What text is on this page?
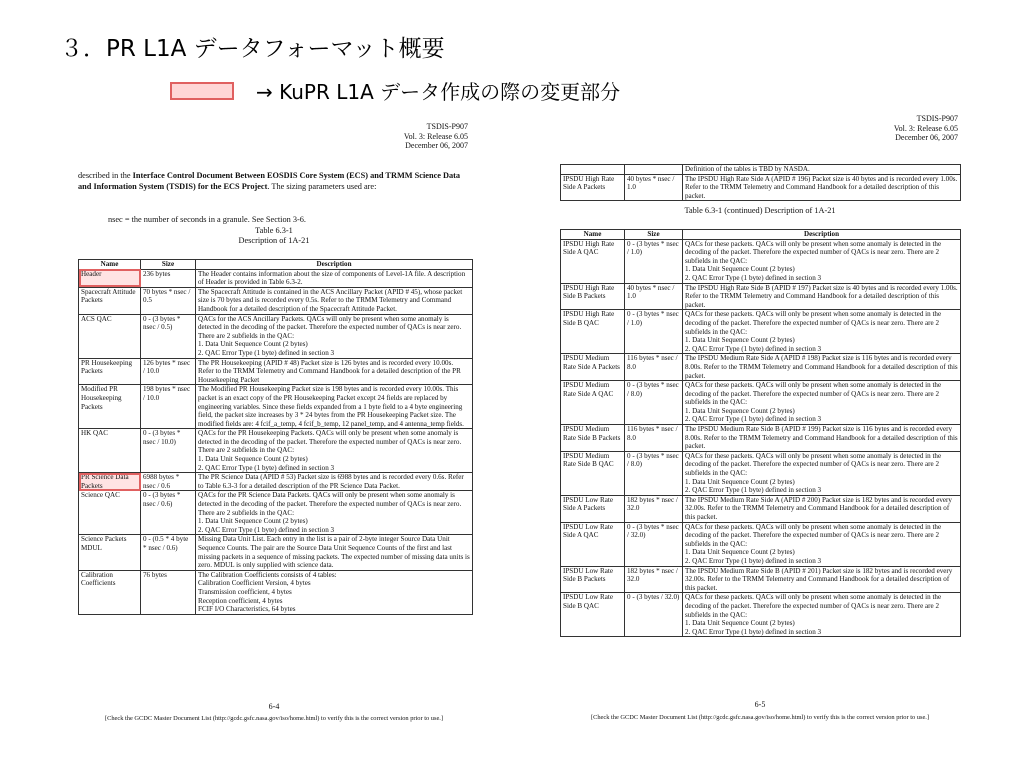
３．PR L1A データフォーマット概要
→ KuPR L1A データ作成の際の変更部分
TSDIS-P907
Vol. 3: Release 6.05
December 06, 2007
described in the Interface Control Document Between EOSDIS Core System (ECS) and TRMM Science Data and Information System (TSDIS) for the ECS Project. The sizing parameters used are:
nsec = the number of seconds in a granule. See Section 3-6.
Table 6.3-1
Description of 1A-21
Name	Size	Description
Header	236 bytes	The Header contains information about the size of components of Level-1A file. A description of Header is provided in Table 6.3-2.
Spacecraft Attitude Packets	70 bytes * nsec / 0.5	The Spacecraft Attitude is contained in the ACS Ancillary Packet (APID # 45), whose packet size is 70 bytes and is recorded every 0.5s. Refer to the TRMM Telemetry and Command Handbook for a detailed description of the Spacecraft Attitude Packet.
ACS QAC	0 - (3 bytes * nsec / 0.5)	QACs for the ACS Ancillary Packets. QACs will only be present when some anomaly is detected in the decoding of the packet. Therefore the expected number of QACs is near zero. There are 2 subfields in the QAC:
1. Data Unit Sequence Count (2 bytes)
2. QAC Error Type (1 byte) defined in section 3
PR Housekeeping Packets	126 bytes * nsec / 10.0	The PR Housekeeping (APID # 48) Packet size is 126 bytes and is recorded every 10.00s. Refer to the TRMM Telemetry and Command Handbook for a detailed description of the PR Housekeeping Packet
Modified PR Housekeeping Packets	198 bytes * nsec / 10.0	The Modified PR Housekeeping Packet size is 198 bytes and is recorded every 10.00s. This packet is an exact copy of the PR Housekeeping Packet except 24 fields are replaced by engineering variables. Since these fields expanded from a 1 byte field to a 4 byte engineering field, the packet size increases by 3 * 24 bytes from the PR Housekeeping Packet size. The modified fields are: 4 fcif_a_temp, 4 fcif_b_temp, 12 panel_temp, and 4 antenna_temp fields.
HK QAC	0 - (3 bytes * nsec / 10.0)	QACs for the PR Housekeeping Packets. QACs will only be present when some anomaly is detected in the decoding of the packet. Therefore the expected number of QACs is near zero. There are 2 subfields in the QAC:
1. Data Unit Sequence Count (2 bytes)
2. QAC Error Type (1 byte) defined in section 3
PR Science Data Packets	6988 bytes * nsec / 0.6	The PR Science Data (APID # 53) Packet size is 6988 bytes and is recorded every 0.6s. Refer to Table 6.3-3 for a detailed description of the PR Science Data Packet.
Science QAC	0 - (3 bytes * nsec / 0.6)	QACs for the PR Science Data Packets. QACs will only be present when some anomaly is detected in the decoding of the packet. Therefore the expected number of QACs is near zero. There are 2 subfields in the QAC:
1. Data Unit Sequence Count (2 bytes)
2. QAC Error Type (1 byte) defined in section 3
Science Packets MDUL	0 - (0.5 * 4 byte * nsec / 0.6)	Missing Data Unit List. Each entry in the list is a pair of 2-byte integer Source Data Unit Sequence Counts. The pair are the Source Data Unit Sequence Counts of the first and last missing packets in a sequence of missing packets. The expected number of missing data units is zero. MDUL is only supplied with science data.
Calibration Coefficients	76 bytes	The Calibration Coefficients consists of 4 tables:
Calibration Coefficient Version, 4 bytes
Transmission coefficient, 4 bytes
Reception coefficient, 4 bytes
FCIF I/O Characteristics, 64 bytes
6-4
[Check the GCDC Master Document List (http://gcdc.gsfc.nasa.gov/iso/home.html) to verify this is the correct version prior to use.]
TSDIS-P907
Vol. 3: Release 6.05
December 06, 2007
		Definition of the tables is TBD by NASDA.
IPSDU High Rate Side A Packets	40 bytes * nsec / 1.0	The IPSDU High Rate Side A (APID # 196) Packet size is 40 bytes and is recorded every 1.00s. Refer to the TRMM Telemetry and Command Handbook for a detailed description of this packet.
Table 6.3-1 (continued) Description of 1A-21
Name	Size	Description
IPSDU High Rate Side A QAC	0 - (3 bytes * nsec / 1.0)	QACs for these packets. QACs will only be present when some anomaly is detected in the decoding of the packet. Therefore the expected number of QACs is near zero. There are 2 subfields in the QAC:
1. Data Unit Sequence Count (2 bytes)
2. QAC Error Type (1 byte) defined in section 3
IPSDU High Rate Side B Packets	40 bytes * nsec / 1.0	The IPSDU High Rate Side B (APID # 197) Packet size is 40 bytes and is recorded every 1.00s. Refer to the TRMM Telemetry and Command Handbook for a detailed description of this packet.
IPSDU High Rate Side B QAC	0 - (3 bytes * nsec / 1.0)	QACs for these packets. QACs will only be present when some anomaly is detected in the decoding of the packet. Therefore the expected number of QACs is near zero. There are 2 subfields in the QAC:
1. Data Unit Sequence Count (2 bytes)
2. QAC Error Type (1 byte) defined in section 3
IPSDU Medium Rate Side A Packets	116 bytes * nsec / 8.0	The IPSDU Medium Rate Side A (APID # 198) Packet size is 116 bytes and is recorded every 8.00s. Refer to the TRMM Telemetry and Command Handbook for a detailed description of this packet.
IPSDU Medium Rate Side A QAC	0 - (3 bytes * nsec / 8.0)	QACs for these packets. QACs will only be present when some anomaly is detected in the decoding of the packet. Therefore the expected number of QACs is near zero. There are 2 subfields in the QAC:
1. Data Unit Sequence Count (2 bytes)
2. QAC Error Type (1 byte) defined in section 3
IPSDU Medium Rate Side B Packets	116 bytes * nsec / 8.0	The IPSDU Medium Rate Side B (APID # 199) Packet size is 116 bytes and is recorded every 8.00s. Refer to the TRMM Telemetry and Command Handbook for a detailed description of this packet.
IPSDU Medium Rate Side B QAC	0 - (3 bytes * nsec / 8.0)	QACs for these packets. QACs will only be present when some anomaly is detected in the decoding of the packet. Therefore the expected number of QACs is near zero. There are 2 subfields in the QAC:
1. Data Unit Sequence Count (2 bytes)
2. QAC Error Type (1 byte) defined in section 3
IPSDU Low Rate Side A Packets	182 bytes * nsec / 32.0	The IPSDU Medium Rate Side A (APID # 200) Packet size is 182 bytes and is recorded every 32.00s. Refer to the TRMM Telemetry and Command Handbook for a detailed description of this packet.
IPSDU Low Rate Side A QAC	0 - (3 bytes * nsec / 32.0)	QACs for these packets. QACs will only be present when some anomaly is detected in the decoding of the packet. Therefore the expected number of QACs is near zero. There are 2 subfields in the QAC:
1. Data Unit Sequence Count (2 bytes)
2. QAC Error Type (1 byte) defined in section 3
IPSDU Low Rate Side B Packets	182 bytes * nsec / 32.0	The IPSDU Medium Rate Side B (APID # 201) Packet size is 182 bytes and is recorded every 32.00s. Refer to the TRMM Telemetry and Command Handbook for a detailed description of this packet.
IPSDU Low Rate Side B QAC	0 - (3 bytes / 32.0)	QACs for these packets. QACs will only be present when some anomaly is detected in the decoding of the packet. Therefore the expected number of QACs is near zero. There are 2 subfields in the QAC:
1. Data Unit Sequence Count (2 bytes)
2. QAC Error Type (1 byte) defined in section 3
6-5
[Check the GCDC Master Document List (http://gcdc.gsfc.nasa.gov/iso/home.html) to verify this is the correct version prior to use.]
